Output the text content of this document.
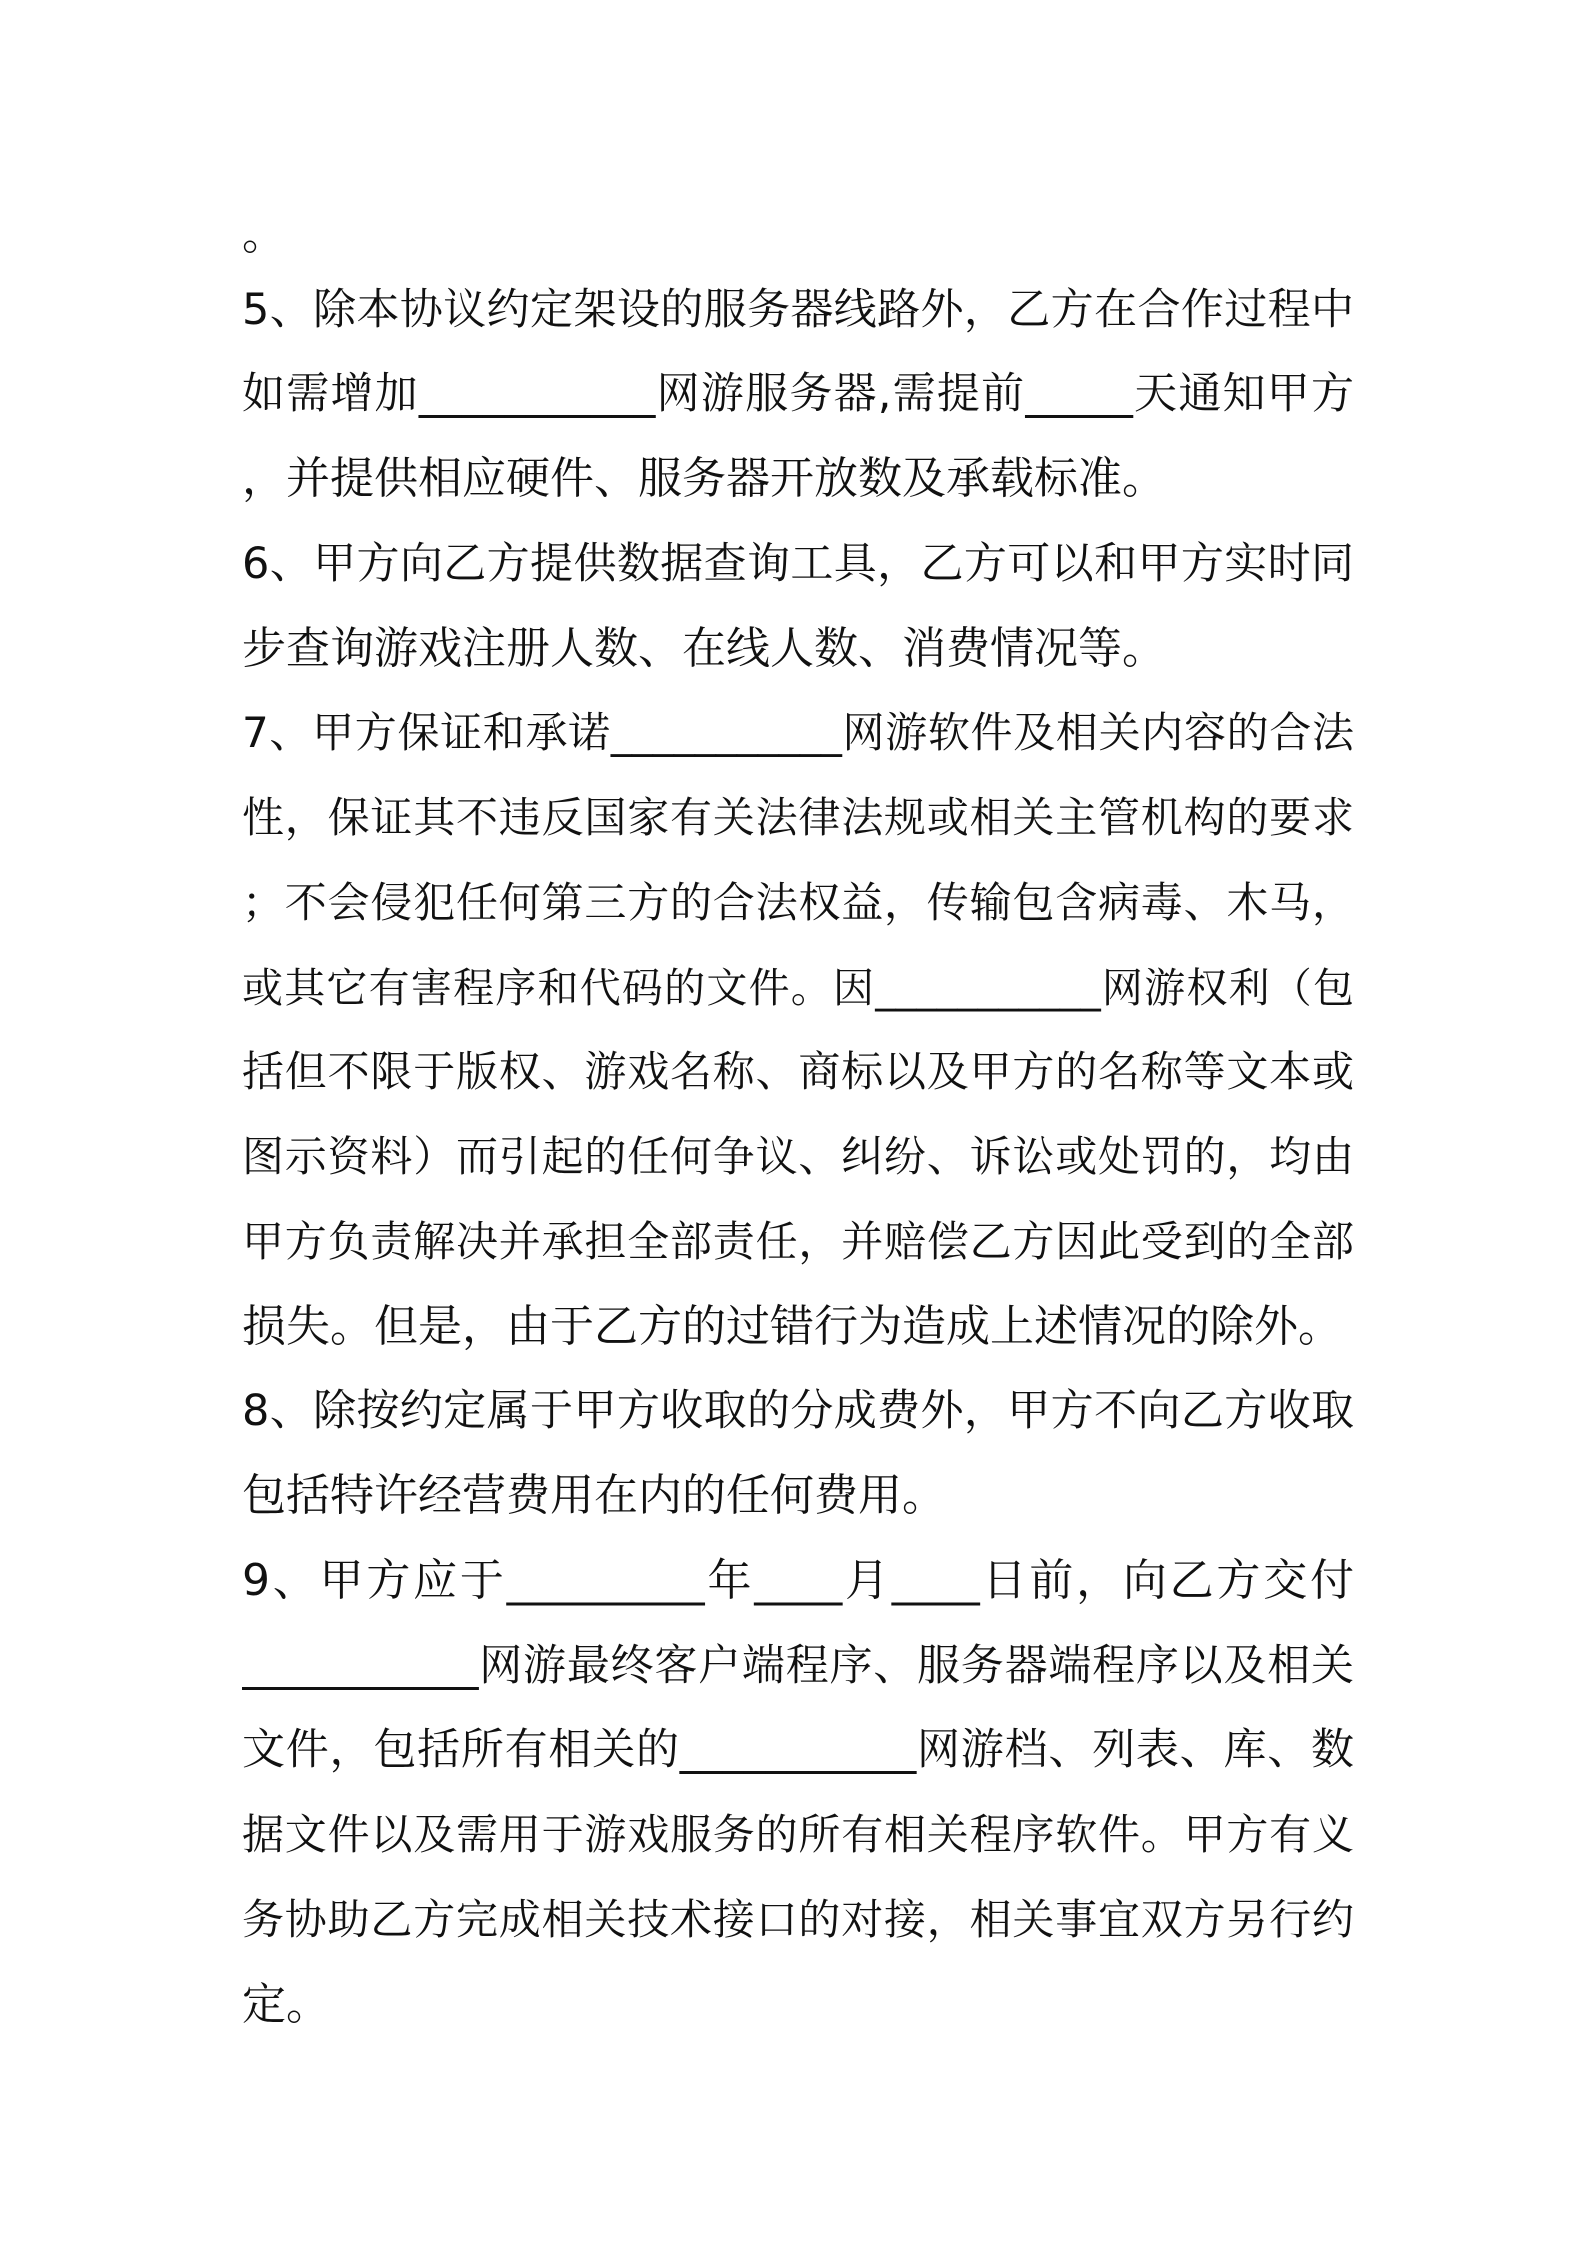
。
5、除本协议约定架设的服务器线路外，乙方在合作过程中
如需增加___________网游服务器,需提前_____天通知甲方
，并提供相应硬件、服务器开放数及承载标准。
6、甲方向乙方提供数据查询工具，乙方可以和甲方实时同
步查询游戏注册人数、在线人数、消费情况等。
7、甲方保证和承诺___________网游软件及相关内容的合法
性，保证其不违反国家有关法律法规或相关主管机构的要求
；不会侵犯任何第三方的合法权益，传输包含病毒、木马，
或其它有害程序和代码的文件。因___________网游权利（包
括但不限于版权、游戏名称、商标以及甲方的名称等文本或
图示资料）而引起的任何争议、纠纷、诉讼或处罚的，均由
甲方负责解决并承担全部责任，并赔偿乙方因此受到的全部
损失。但是，由于乙方的过错行为造成上述情况的除外。
8、除按约定属于甲方收取的分成费外，甲方不向乙方收取
包括特许经营费用在内的任何费用。
9、甲方应于_________年____月____日前，向乙方交付
___________网游最终客户端程序、服务器端程序以及相关
文件，包括所有相关的___________网游档、列表、库、数
据文件以及需用于游戏服务的所有相关程序软件。甲方有义
务协助乙方完成相关技术接口的对接，相关事宜双方另行约
定。
